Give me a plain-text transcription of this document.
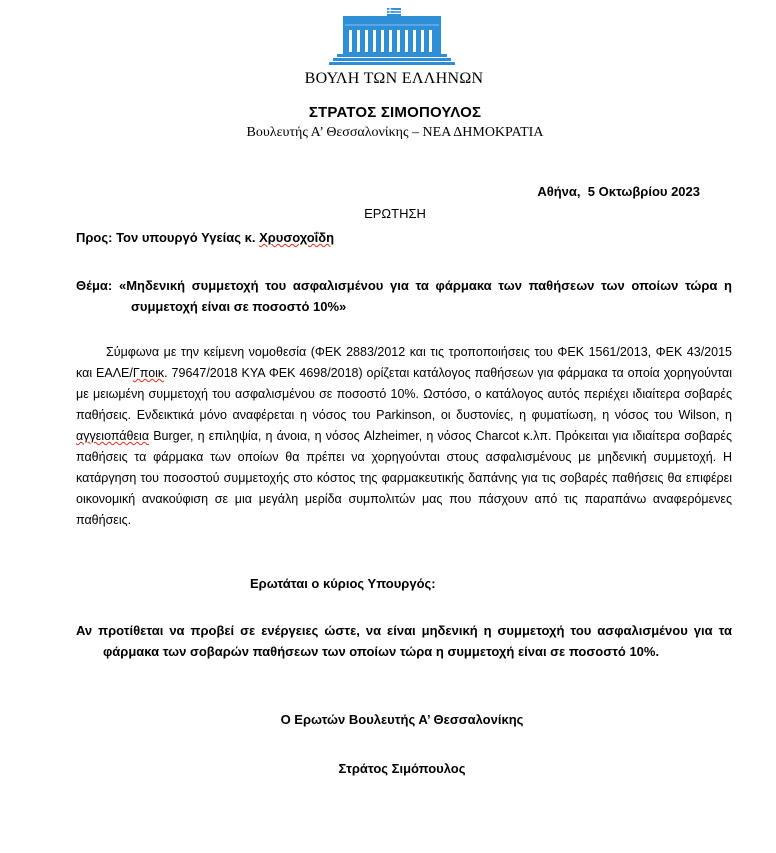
ΒΟΥΛΗ ΤΩΝ ΕΛΛΗΝΩΝ
ΣΤΡΑΤΟΣ ΣΙΜΟΠΟΥΛΟΣ
Βουλευτής Α’ Θεσσαλονίκης – ΝΕΑ ΔΗΜΟΚΡΑΤΙΑ
Αθήνα,  5 Οκτωβρίου 2023
ΕΡΩΤΗΣΗ
Προς: Τον υπουργό Υγείας κ. Χρυσοχοΐδη
Θέμα: «Μηδενική συμμετοχή του ασφαλισμένου για τα φάρμακα των παθήσεων των οποίων τώρα η
συμμετοχή είναι σε ποσοστό 10%»
Σύμφωνα με την κείμενη νομοθεσία (ΦΕΚ 2883/2012 και τις τροποποιήσεις του ΦΕΚ 1561/2013, ΦΕΚ 43/2015 και ΕΑΛΕ/Γποικ. 79647/2018 ΚΥΑ ΦΕΚ 4698/2018) ορίζεται κατάλογος παθήσεων για φάρμακα τα οποία χορηγούνται με μειωμένη συμμετοχή του ασφαλισμένου σε ποσοστό 10%. Ωστόσο, ο κατάλογος αυτός περιέχει ιδιαίτερα σοβαρές παθήσεις. Ενδεικτικά μόνο αναφέρεται η νόσος του Parkinson, οι δυστονίες, η φυματίωση, η νόσος του Wilson, η αγγειοπάθεια Burger, η επιληψία, η άνοια, η νόσος Alzheimer, η νόσος Charcot κ.λπ. Πρόκειται για ιδιαίτερα σοβαρές παθήσεις τα φάρμακα των οποίων θα πρέπει να χορηγούνται στους ασφαλισμένους με μηδενική συμμετοχή. Η κατάργηση του ποσοστού συμμετοχής στο κόστος της φαρμακευτικής δαπάνης για τις σοβαρές παθήσεις θα επιφέρει οικονομική ανακούφιση σε μια μεγάλη μερίδα συμπολιτών μας που πάσχουν από τις παραπάνω αναφερόμενες παθήσεις.
Ερωτάται ο κύριος Υπουργός:
Αν προτίθεται να προβεί σε ενέργειες ώστε, να είναι μηδενική η συμμετοχή του ασφαλισμένου για τα
φάρμακα των σοβαρών παθήσεων των οποίων τώρα η συμμετοχή είναι σε ποσοστό 10%.
Ο Ερωτών Βουλευτής Α’ Θεσσαλονίκης
Στράτος Σιμόπουλος
